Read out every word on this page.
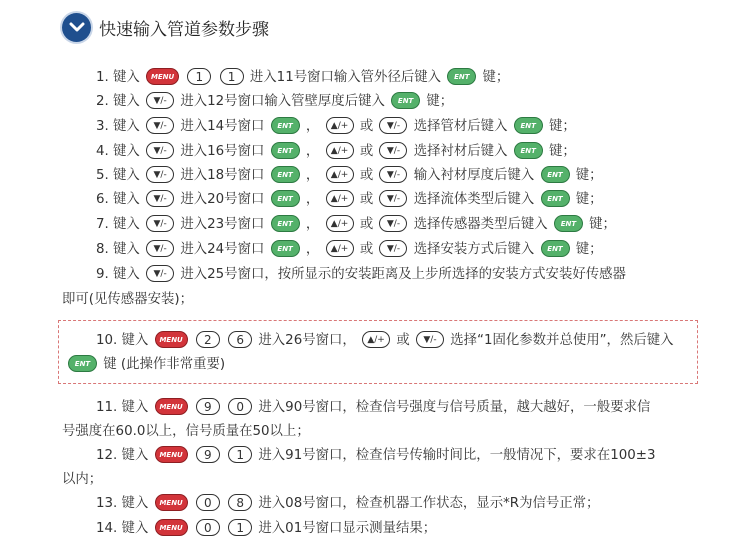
快速输入管道参数步骤
1. 键入 MENU 1 1 进入11号窗口输入管外径后键入 ENT 键；
2. 键入 ▼/- 进入12号窗口输入管壁厚度后键入 ENT 键；
3. 键入 ▼/- 进入14号窗口 ENT ， ▲/+ 或 ▼/- 选择管材后键入 ENT 键；
4. 键入 ▼/- 进入16号窗口 ENT ， ▲/+ 或 ▼/- 选择衬材后键入 ENT 键；
5. 键入 ▼/- 进入18号窗口 ENT ， ▲/+ 或 ▼/- 输入衬材厚度后键入 ENT 键；
6. 键入 ▼/- 进入20号窗口 ENT ， ▲/+ 或 ▼/- 选择流体类型后键入 ENT 键；
7. 键入 ▼/- 进入23号窗口 ENT ， ▲/+ 或 ▼/- 选择传感器类型后键入 ENT 键；
8. 键入 ▼/- 进入24号窗口 ENT ， ▲/+ 或 ▼/- 选择安装方式后键入 ENT 键；
9. 键入 ▼/- 进入25号窗口，按所显示的安装距离及上步所选择的安装方式安装好传感器
即可(见传感器安装)；
10. 键入 MENU 2 6 进入26号窗口， ▲/+ 或 ▼/- 选择“1固化参数并总使用”，然后键入
ENT 键 (此操作非常重要)
11. 键入 MENU 9 0 进入90号窗口，检查信号强度与信号质量，越大越好，一般要求信
号强度在60.0以上，信号质量在50以上；
12. 键入 MENU 9 1 进入91号窗口，检查信号传输时间比，一般情况下，要求在100±3
以内；
13. 键入 MENU 0 8 进入08号窗口，检查机器工作状态，显示*R为信号正常；
14. 键入 MENU 0 1 进入01号窗口显示测量结果；
